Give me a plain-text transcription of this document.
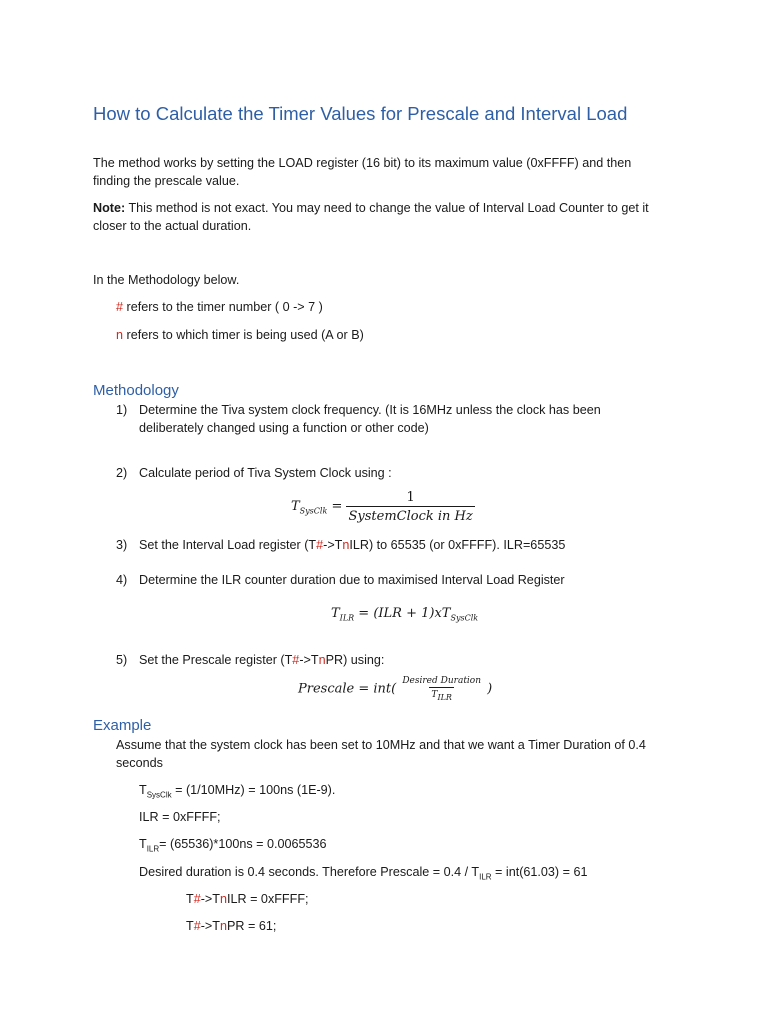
How to Calculate the Timer Values for Prescale and Interval Load
The method works by setting the LOAD register (16 bit) to its maximum value (0xFFFF) and then
finding the prescale value.
Note: This method is not exact. You may need to change the value of Interval Load Counter to get it
closer to the actual duration.
In the Methodology below.
# refers to the timer number ( 0 -> 7 )
n refers to which timer is being used (A or B)
Methodology
1) Determine the Tiva system clock frequency. (It is 16MHz unless the clock has been
deliberately changed using a function or other code)
2) Calculate period of Tiva System Clock using :
$T_{SysClk} = \frac{1}{\text{SystemClock in Hz}}$
3) Set the Interval Load register (T#->TnILR) to 65535 (or 0xFFFF). ILR=65535
4) Determine the ILR counter duration due to maximised Interval Load Register
$T_{ILR} = (ILR + 1)xT_{SysClk}$
5) Set the Prescale register (T#->TnPR) using:
Prescale = $int( \frac{\text{Desired Duration}}{T_{ILR}}$ )
Example
Assume that the system clock has been set to 10MHz and that we want a Timer Duration of 0.4
seconds
$T_{SysClk} = (1/10MHz) = 100ns$ (1E-9).
ILR = 0xFFFF;
$T_{ILR}= (65536)*100ns = 0.0065536$
Desired duration is 0.4 seconds. Therefore Prescale = $0.4 / T_{ILR} = int(61.03) = 61$
T#->TnILR = 0xFFFF;
T#->TnPR = 61;
